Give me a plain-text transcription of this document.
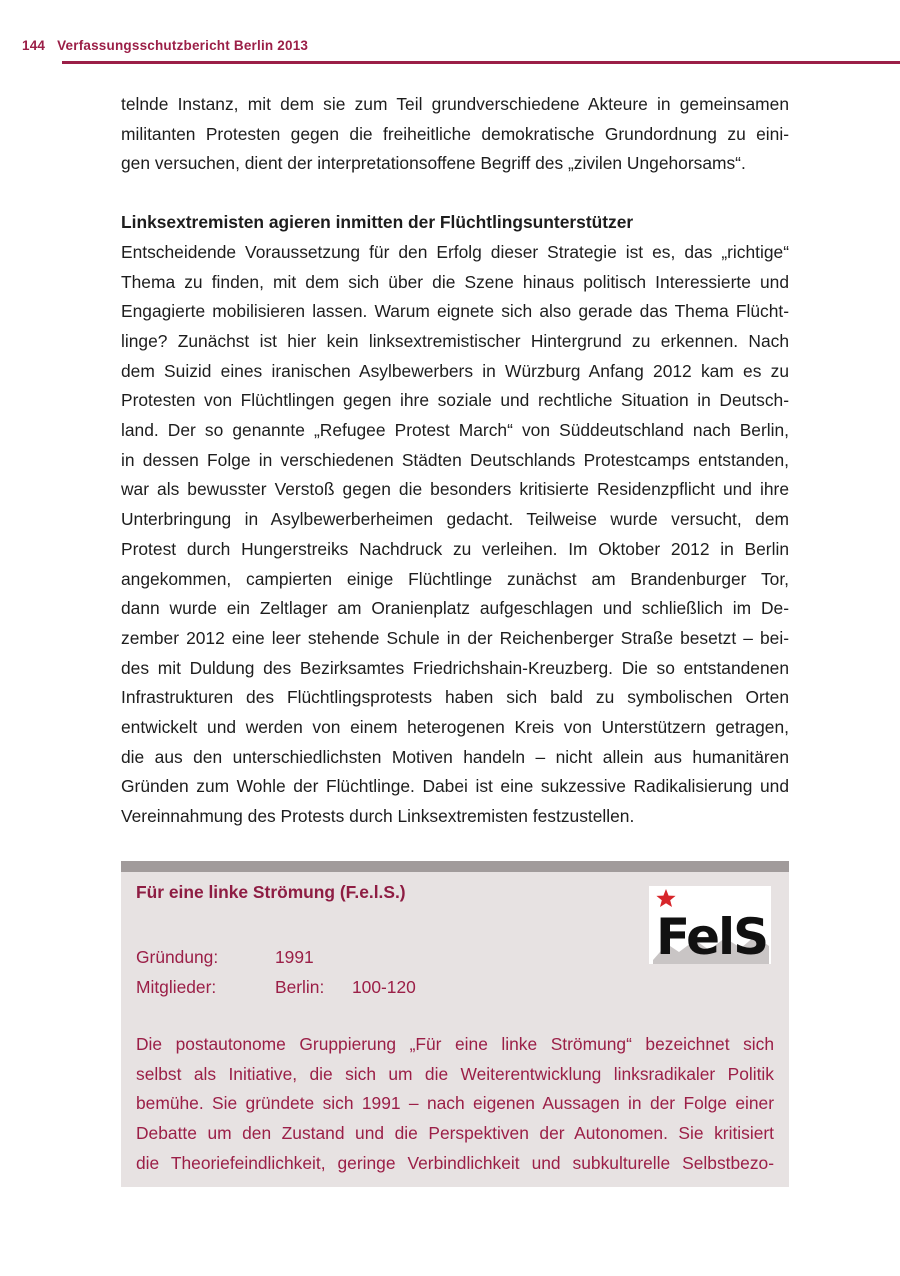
144 Verfassungsschutzbericht Berlin 2013
telnde Instanz, mit dem sie zum Teil grundverschiedene Akteure in gemeinsamen
militanten Protesten gegen die freiheitliche demokratische Grundordnung zu eini-
gen versuchen, dient der interpretationsoffene Begriff des „zivilen Ungehorsams“.
Linksextremisten agieren inmitten der Flüchtlingsunterstützer
Entscheidende Voraussetzung für den Erfolg dieser Strategie ist es, das „richtige“
Thema zu finden, mit dem sich über die Szene hinaus politisch Interessierte und
Engagierte mobilisieren lassen. Warum eignete sich also gerade das Thema Flücht-
linge? Zunächst ist hier kein linksextremistischer Hintergrund zu erkennen. Nach
dem Suizid eines iranischen Asylbewerbers in Würzburg Anfang 2012 kam es zu
Protesten von Flüchtlingen gegen ihre soziale und rechtliche Situation in Deutsch-
land. Der so genannte „Refugee Protest March“ von Süddeutschland nach Berlin,
in dessen Folge in verschiedenen Städten Deutschlands Protestcamps entstanden,
war als bewusster Verstoß gegen die besonders kritisierte Residenzpflicht und ihre
Unterbringung in Asylbewerberheimen gedacht. Teilweise wurde versucht, dem
Protest durch Hungerstreiks Nachdruck zu verleihen. Im Oktober 2012 in Berlin
angekommen, campierten einige Flüchtlinge zunächst am Brandenburger Tor,
dann wurde ein Zeltlager am Oranienplatz aufgeschlagen und schließlich im De-
zember 2012 eine leer stehende Schule in der Reichenberger Straße besetzt – bei-
des mit Duldung des Bezirksamtes Friedrichshain-Kreuzberg. Die so entstandenen
Infrastrukturen des Flüchtlingsprotests haben sich bald zu symbolischen Orten
entwickelt und werden von einem heterogenen Kreis von Unterstützern getragen,
die aus den unterschiedlichsten Motiven handeln – nicht allein aus humanitären
Gründen zum Wohle der Flüchtlinge. Dabei ist eine sukzessive Radikalisierung und
Vereinnahmung des Protests durch Linksextremisten festzustellen.
Für eine linke Strömung (F.e.l.S.)
FelS
Gründung:	1991
Mitglieder:	Berlin:	100-120
Die postautonome Gruppierung „Für eine linke Strömung“ bezeichnet sich
selbst als Initiative, die sich um die Weiterentwicklung linksradikaler Politik
bemühe. Sie gründete sich 1991 – nach eigenen Aussagen in der Folge einer
Debatte um den Zustand und die Perspektiven der Autonomen. Sie kritisiert
die Theoriefeindlichkeit, geringe Verbindlichkeit und subkulturelle Selbstbezo-
